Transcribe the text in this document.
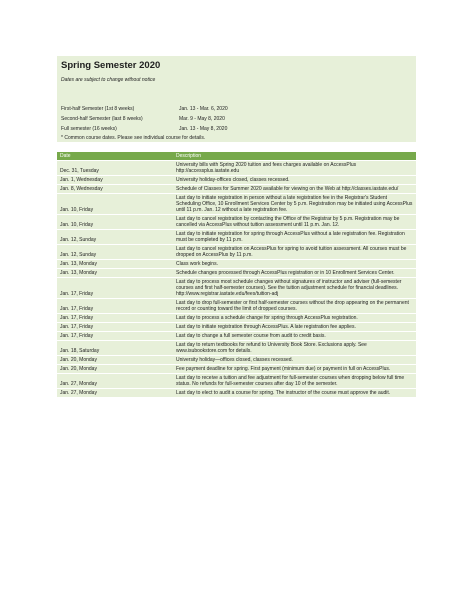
Spring Semester 2020
Dates are subject to change without notice
First-half Semester (1st 8 weeks)	Jan. 13 - Mar. 6, 2020
Second-half Semester (last 8 weeks)	Mar. 9 - May 8, 2020
Full semester (16 weeks)	Jan. 13 - May 8, 2020
* Common course dates. Please see individual course for details.
Date	Description
Dec. 31, Tuesday	University bills with Spring 2020 tuition and fees charges available on AccessPlus http://accessplus.iastate.edu
Jan. 1, Wednesday	University holiday-offices closed, classes recessed.
Jan. 8, Wednesday	Schedule of Classes for Summer 2020 available for viewing on the Web at http://classes.iastate.edu/
Jan. 10, Friday	Last day to initiate registration in person without a late registration fee in the Registrar's Student Scheduling Office, 10 Enrollment Services Center by 5 p.m. Registration may be initiated using AccessPlus until 11 p.m. Jan. 12 without a late registration fee.
Jan. 10, Friday	Last day to cancel registration by contacting the Office of the Registrar by 5 p.m. Registration may be cancelled via AccessPlus without tuition assessment until 11 p.m. Jan. 12.
Jan. 12, Sunday	Last day to initiate registration for spring through AccessPlus without a late registration fee. Registration must be completed by 11 p.m.
Jan. 12, Sunday	Last day to cancel registration on AccessPlus for spring to avoid tuition assessment. All courses must be dropped on AccessPlus by 11 p.m.
Jan. 13, Monday	Class work begins.
Jan. 13, Monday	Schedule changes processed through AccessPlus registration or in 10 Enrollment Services Center.
Jan. 17, Friday	Last day to process most schedule changes without signatures of instructor and adviser (full-semester courses and first half-semester courses). See the tuition adjustment schedule for financial deadlines. http://www.registrar.iastate.edu/fees/tuition-adj
Jan. 17, Friday	Last day to drop full-semester or first half-semester courses without the drop appearing on the permanent record or counting toward the limit of dropped courses.
Jan. 17, Friday	Last day to process a schedule change for spring through AccessPlus registration.
Jan. 17, Friday	Last day to initiate registration through AccessPlus. A late registration fee applies.
Jan. 17, Friday	Last day to change a full semester course from audit to credit basis.
Jan. 18, Saturday	Last day to return textbooks for refund to University Book Store. Exclusions apply. See www.isubookstore.com for details.
Jan. 20, Monday	University holiday—offices closed, classes recessed.
Jan. 20, Monday	Fee payment deadline for spring. First payment (minimum due) or payment in full on AccessPlus.
Jan. 27, Monday	Last day to receive a tuition and fee adjustment for full-semester courses when dropping below full time status. No refunds for full-semester courses after day 10 of the semester.
Jan. 27, Monday	Last day to elect to audit a course for spring. The instructor of the course must approve the audit.
